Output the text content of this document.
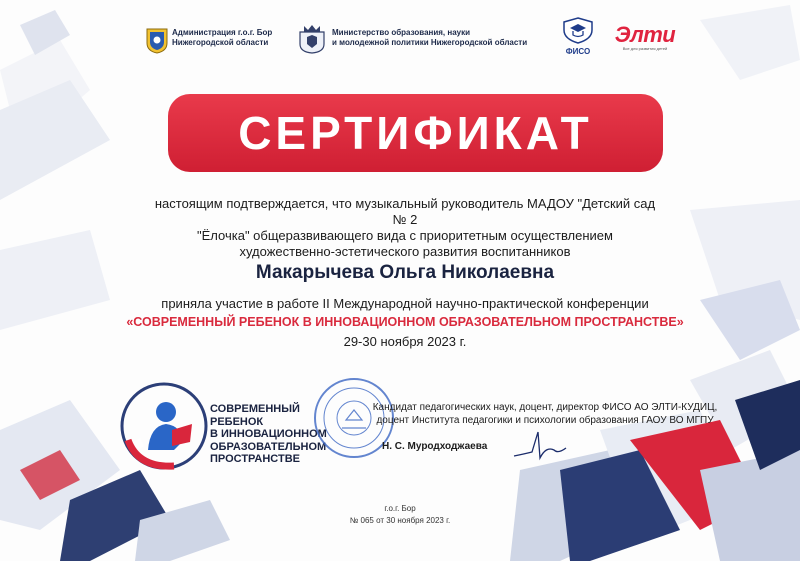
Администрация г.о.г. Бор
Нижегородской области
Министерство образования, науки
и молодежной политики Нижегородской области
ФИСО
Элти
Все для развития детей
СЕРТИФИКАТ
настоящим подтверждается, что музыкальный руководитель МАДОУ "Детский сад № 2
"Ёлочка" общеразвивающего вида с приоритетным осуществлением
художественно-эстетического развития воспитанников
Макарычева Ольга Николаевна
приняла участие в работе II Международной научно-практической конференции
«СОВРЕМЕННЫЙ РЕБЕНОК В ИННОВАЦИОННОМ ОБРАЗОВАТЕЛЬНОМ ПРОСТРАНСТВЕ»
29-30 ноября 2023 г.
СОВРЕМЕННЫЙ РЕБЕНОК
В ИННОВАЦИОННОМ
ОБРАЗОВАТЕЛЬНОМ
ПРОСТРАНСТВЕ
Кандидат педагогических наук, доцент, директор ФИСО АО ЭЛТИ-КУДИЦ,
доцент Института педагогики и психологии образования ГАОУ ВО МГПУ
Н. С. Муродходжаева
г.о.г. Бор
№ 065 от 30 ноября 2023 г.
